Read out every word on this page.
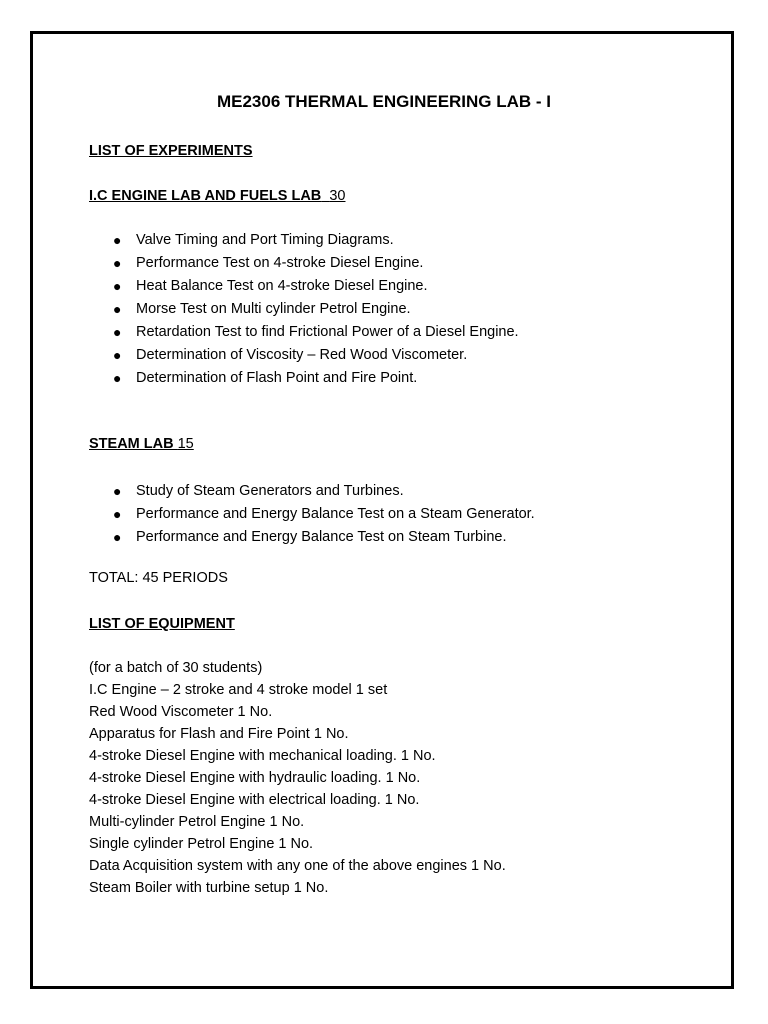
ME2306 THERMAL ENGINEERING LAB - I
LIST OF EXPERIMENTS
I.C ENGINE LAB AND FUELS LAB 30
● Valve Timing and Port Timing Diagrams.
● Performance Test on 4-stroke Diesel Engine.
● Heat Balance Test on 4-stroke Diesel Engine.
● Morse Test on Multi cylinder Petrol Engine.
● Retardation Test to find Frictional Power of a Diesel Engine.
● Determination of Viscosity – Red Wood Viscometer.
● Determination of Flash Point and Fire Point.
STEAM LAB 15
● Study of Steam Generators and Turbines.
● Performance and Energy Balance Test on a Steam Generator.
● Performance and Energy Balance Test on Steam Turbine.
TOTAL: 45 PERIODS
LIST OF EQUIPMENT
(for a batch of 30 students)
I.C Engine – 2 stroke and 4 stroke model 1 set
Red Wood Viscometer 1 No.
Apparatus for Flash and Fire Point 1 No.
4-stroke Diesel Engine with mechanical loading. 1 No.
4-stroke Diesel Engine with hydraulic loading. 1 No.
4-stroke Diesel Engine with electrical loading. 1 No.
Multi-cylinder Petrol Engine 1 No.
Single cylinder Petrol Engine 1 No.
Data Acquisition system with any one of the above engines 1 No.
Steam Boiler with turbine setup 1 No.
